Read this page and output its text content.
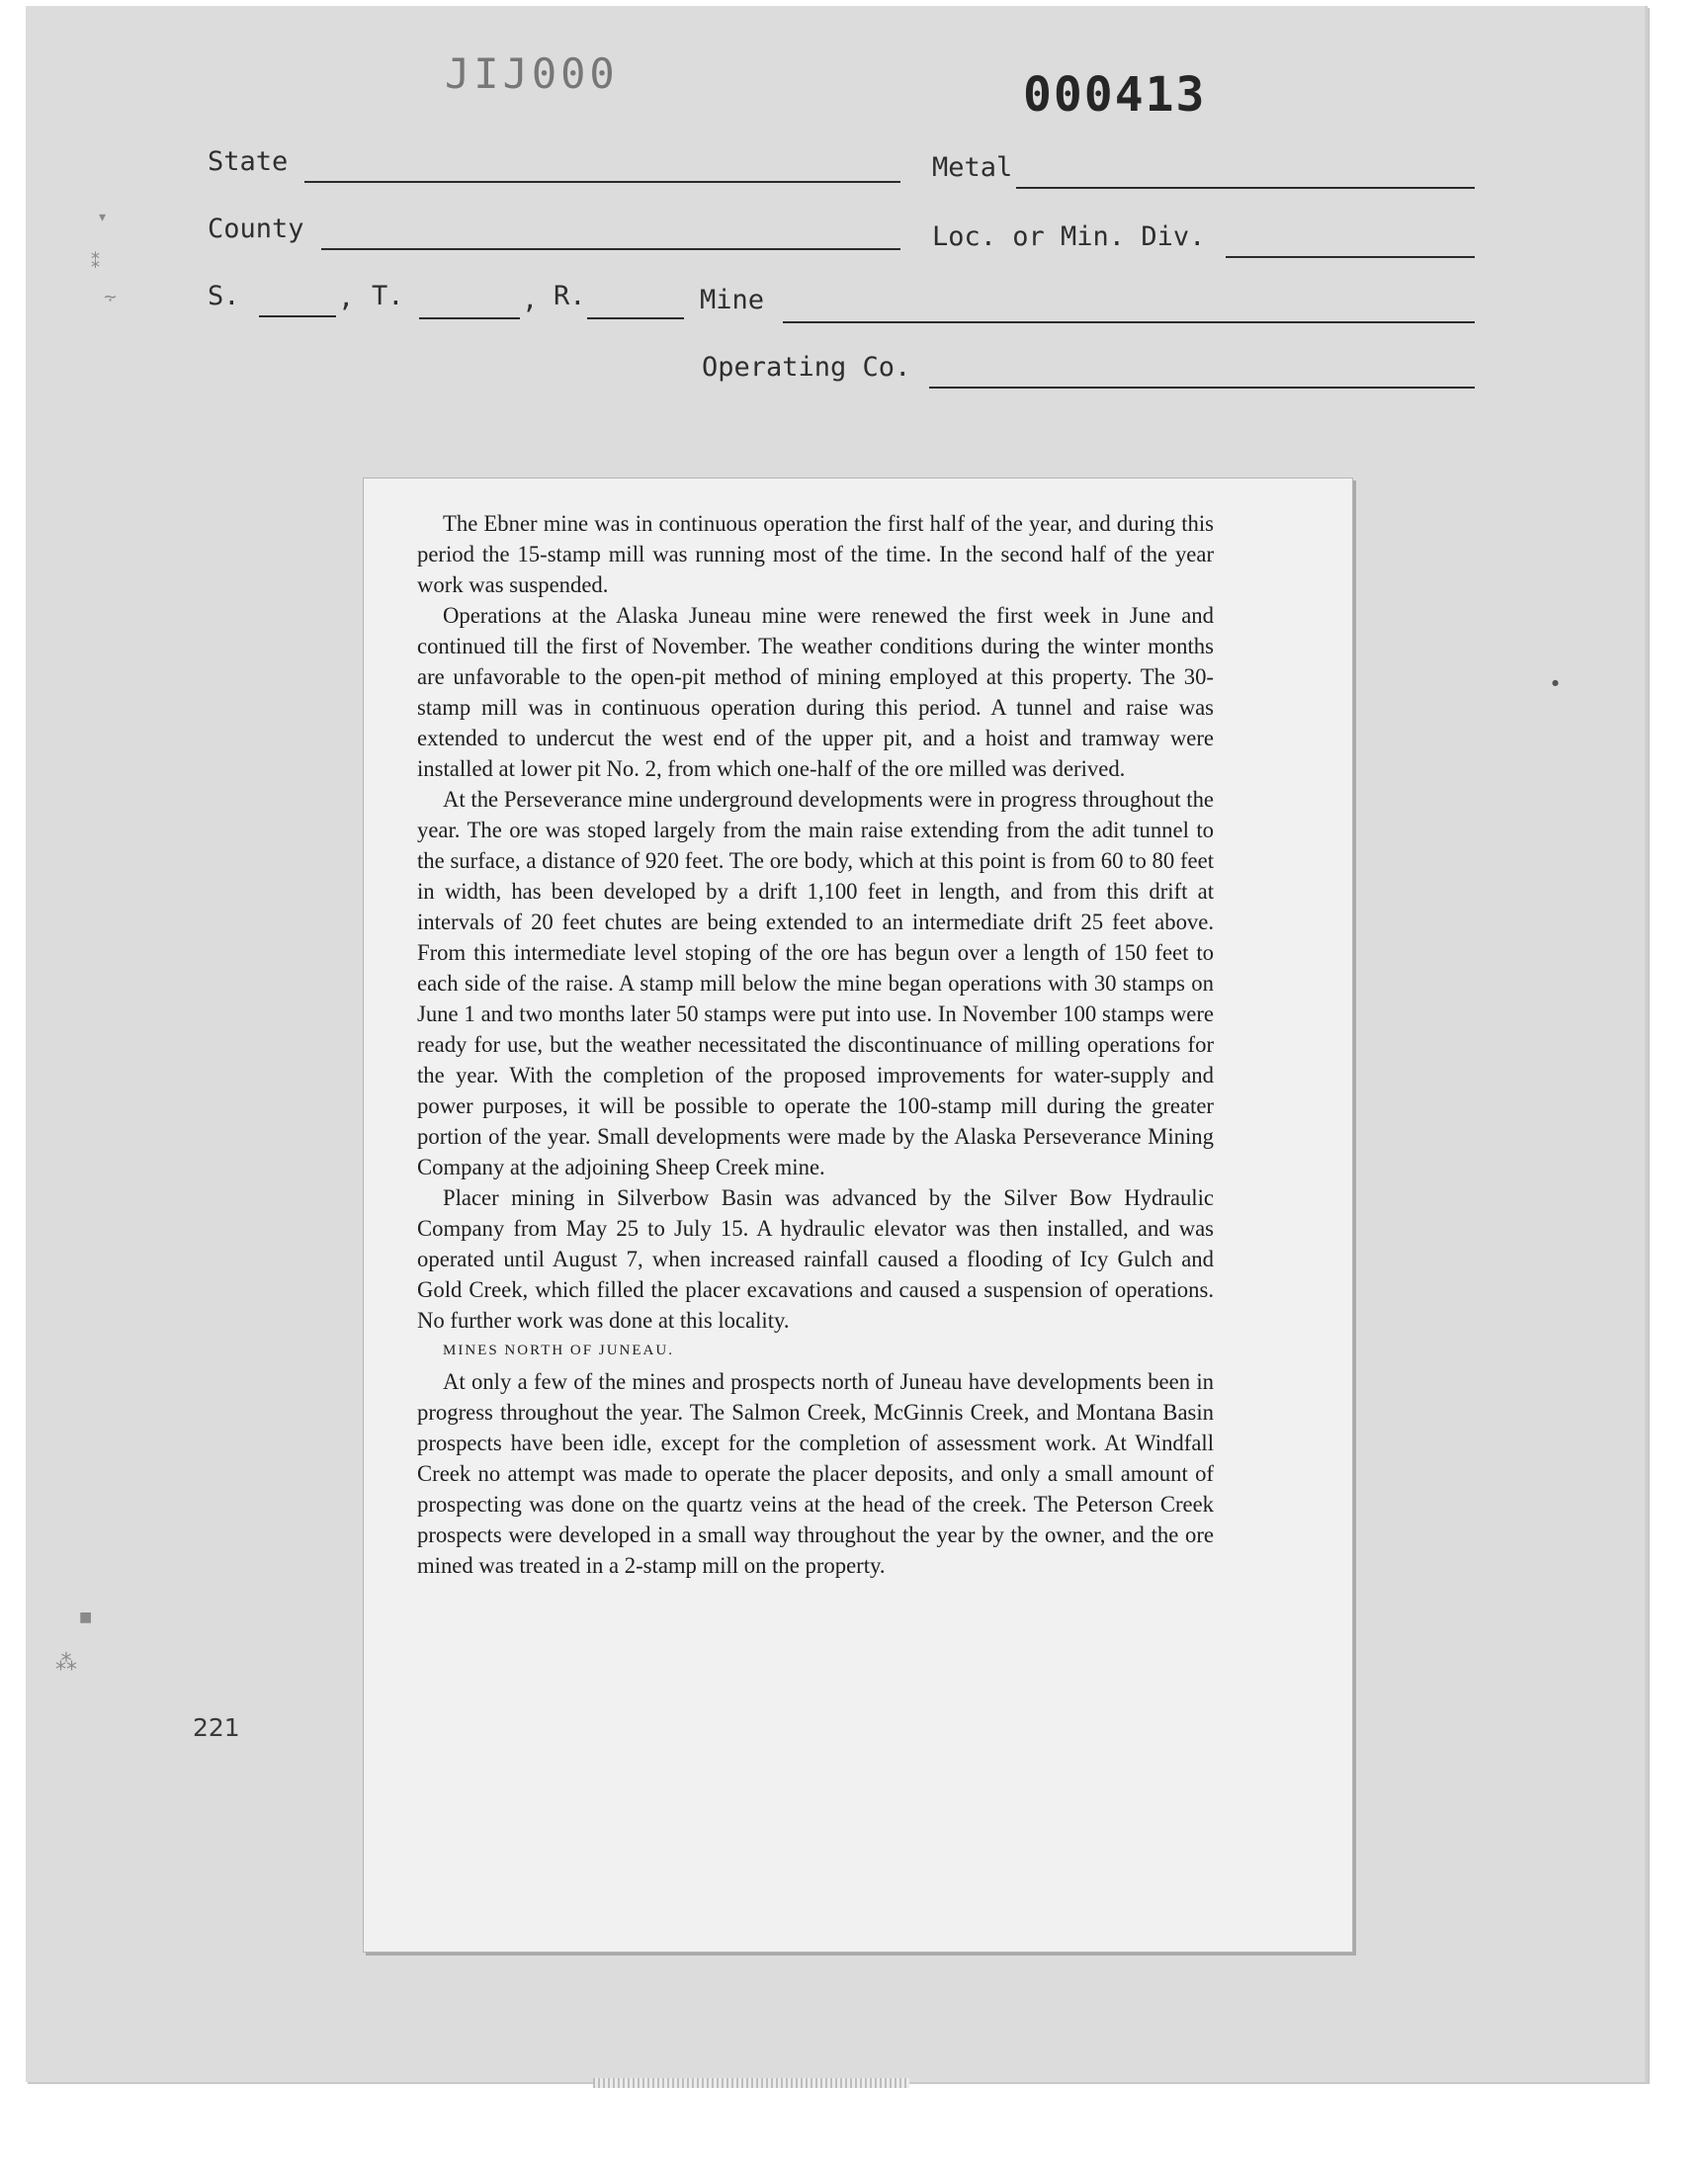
JIJ000	000413
State	Metal
County	Loc. or Min. Div.
S.	, T.	, R.	Mine
Operating Co.
▾
⁑
⸟
■
⁂
●
221

The Ebner mine was in continuous operation the first half of the year, and during this period the 15-stamp mill was running most of the time. In the second half of the year work was suspended.

Operations at the Alaska Juneau mine were renewed the first week in June and continued till the first of November. The weather conditions during the winter months are unfavorable to the open-pit method of mining employed at this property. The 30-stamp mill was in continuous operation during this period. A tunnel and raise was extended to undercut the west end of the upper pit, and a hoist and tramway were installed at lower pit No. 2, from which one-half of the ore milled was derived.

At the Perseverance mine underground developments were in progress throughout the year. The ore was stoped largely from the main raise extending from the adit tunnel to the surface, a distance of 920 feet. The ore body, which at this point is from 60 to 80 feet in width, has been developed by a drift 1,100 feet in length, and from this drift at intervals of 20 feet chutes are being extended to an intermediate drift 25 feet above. From this intermediate level stoping of the ore has begun over a length of 150 feet to each side of the raise. A stamp mill below the mine began operations with 30 stamps on June 1 and two months later 50 stamps were put into use. In November 100 stamps were ready for use, but the weather necessitated the discontinuance of milling operations for the year. With the completion of the proposed improvements for water-supply and power purposes, it will be possible to operate the 100-stamp mill during the greater portion of the year. Small developments were made by the Alaska Perseverance Mining Company at the adjoining Sheep Creek mine.

Placer mining in Silverbow Basin was advanced by the Silver Bow Hydraulic Company from May 25 to July 15. A hydraulic elevator was then installed, and was operated until August 7, when increased rainfall caused a flooding of Icy Gulch and Gold Creek, which filled the placer excavations and caused a suspension of operations. No further work was done at this locality.

MINES NORTH OF JUNEAU.

At only a few of the mines and prospects north of Juneau have developments been in progress throughout the year. The Salmon Creek, McGinnis Creek, and Montana Basin prospects have been idle, except for the completion of assessment work. At Windfall Creek no attempt was made to operate the placer deposits, and only a small amount of prospecting was done on the quartz veins at the head of the creek. The Peterson Creek prospects were developed in a small way throughout the year by the owner, and the ore mined was treated in a 2-stamp mill on the property.
